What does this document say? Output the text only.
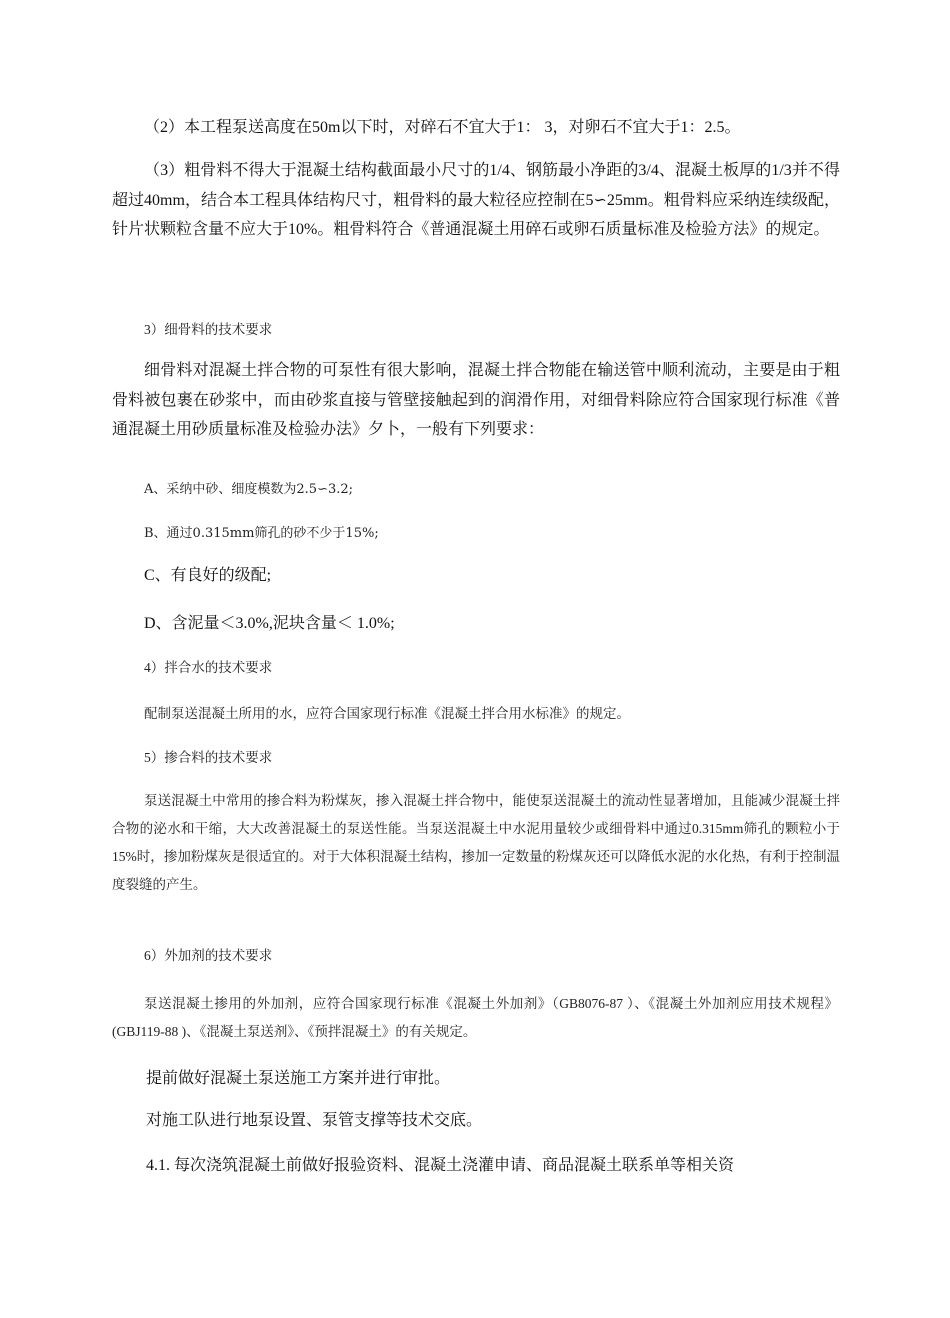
（2）本工程泵送高度在50m以下时，对碎石不宜大于1： 3，对卵石不宜大于1：2.5。

（3）粗骨料不得大于混凝土结构截面最小尺寸的1/4、钢筋最小净距的3/4、混凝土板厚的1/3并不得超过40mm，结合本工程具体结构尺寸，粗骨料的最大粒径应控制在5∽25mm。粗骨料应采纳连续级配，针片状颗粒含量不应大于10%。粗骨料符合《普通混凝土用碎石或卵石质量标准及检验方法》的规定。

3）细骨料的技术要求

细骨料对混凝土拌合物的可泵性有很大影响，混凝土拌合物能在输送管中顺利流动，主要是由于粗骨料被包裹在砂浆中，而由砂浆直接与管壁接触起到的润滑作用，对细骨料除应符合国家现行标准《普通混凝土用砂质量标准及检验办法》夕卜，一般有下列要求：

A、采纳中砂、细度模数为2.5∽3.2;

B、通过0.315mm筛孔的砂不少于15%;

C、有良好的级配;

D、含泥量＜3.0%,泥块含量＜ 1.0%;

4）拌合水的技术要求

配制泵送混凝土所用的水，应符合国家现行标准《混凝土拌合用水标准》的规定。

5）掺合料的技术要求

泵送混凝土中常用的掺合料为粉煤灰，掺入混凝土拌合物中，能使泵送混凝土的流动性显著增加，且能减少混凝土拌合物的泌水和干缩，大大改善混凝土的泵送性能。当泵送混凝土中水泥用量较少或细骨料中通过0.315mm筛孔的颗粒小于15%时，掺加粉煤灰是很适宜的。对于大体积混凝土结构，掺加一定数量的粉煤灰还可以降低水泥的水化热，有利于控制温度裂缝的产生。

6）外加剂的技术要求

泵送混凝土掺用的外加剂，应符合国家现行标准《混凝土外加剂》（GB8076-87 ）、《混凝土外加剂应用技术规程》(GBJ119-88 )、《混凝土泵送剂》、《预拌混凝土》的有关规定。

提前做好混凝土泵送施工方案并进行审批。

对施工队进行地泵设置、泵管支撑等技术交底。

4.1. 每次浇筑混凝土前做好报验资料、混凝土浇灌申请、商品混凝土联系单等相关资
